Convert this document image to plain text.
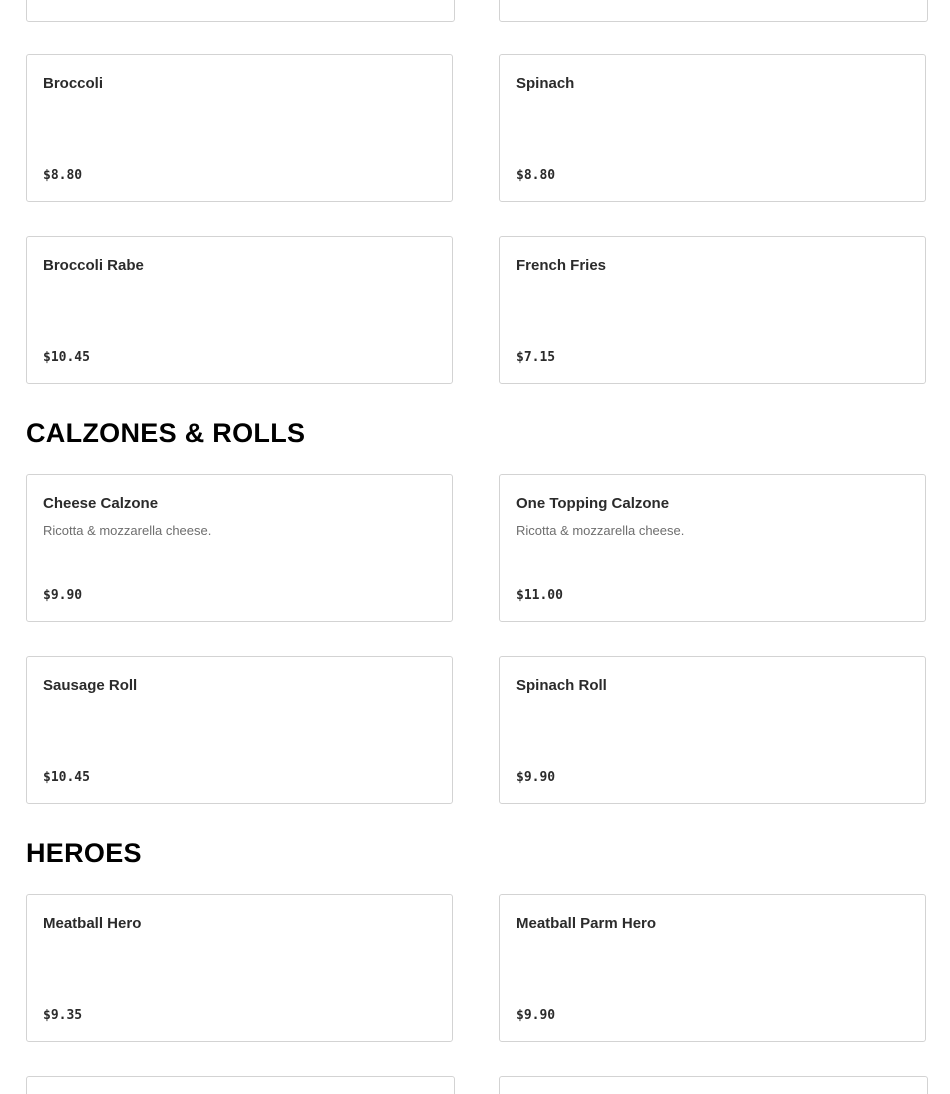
Broccoli
$8.80
Spinach
$8.80
Broccoli Rabe
$10.45
French Fries
$7.15
CALZONES & ROLLS
Cheese Calzone
Ricotta & mozzarella cheese.
$9.90
One Topping Calzone
Ricotta & mozzarella cheese.
$11.00
Sausage Roll
$10.45
Spinach Roll
$9.90
HEROES
Meatball Hero
$9.35
Meatball Parm Hero
$9.90
